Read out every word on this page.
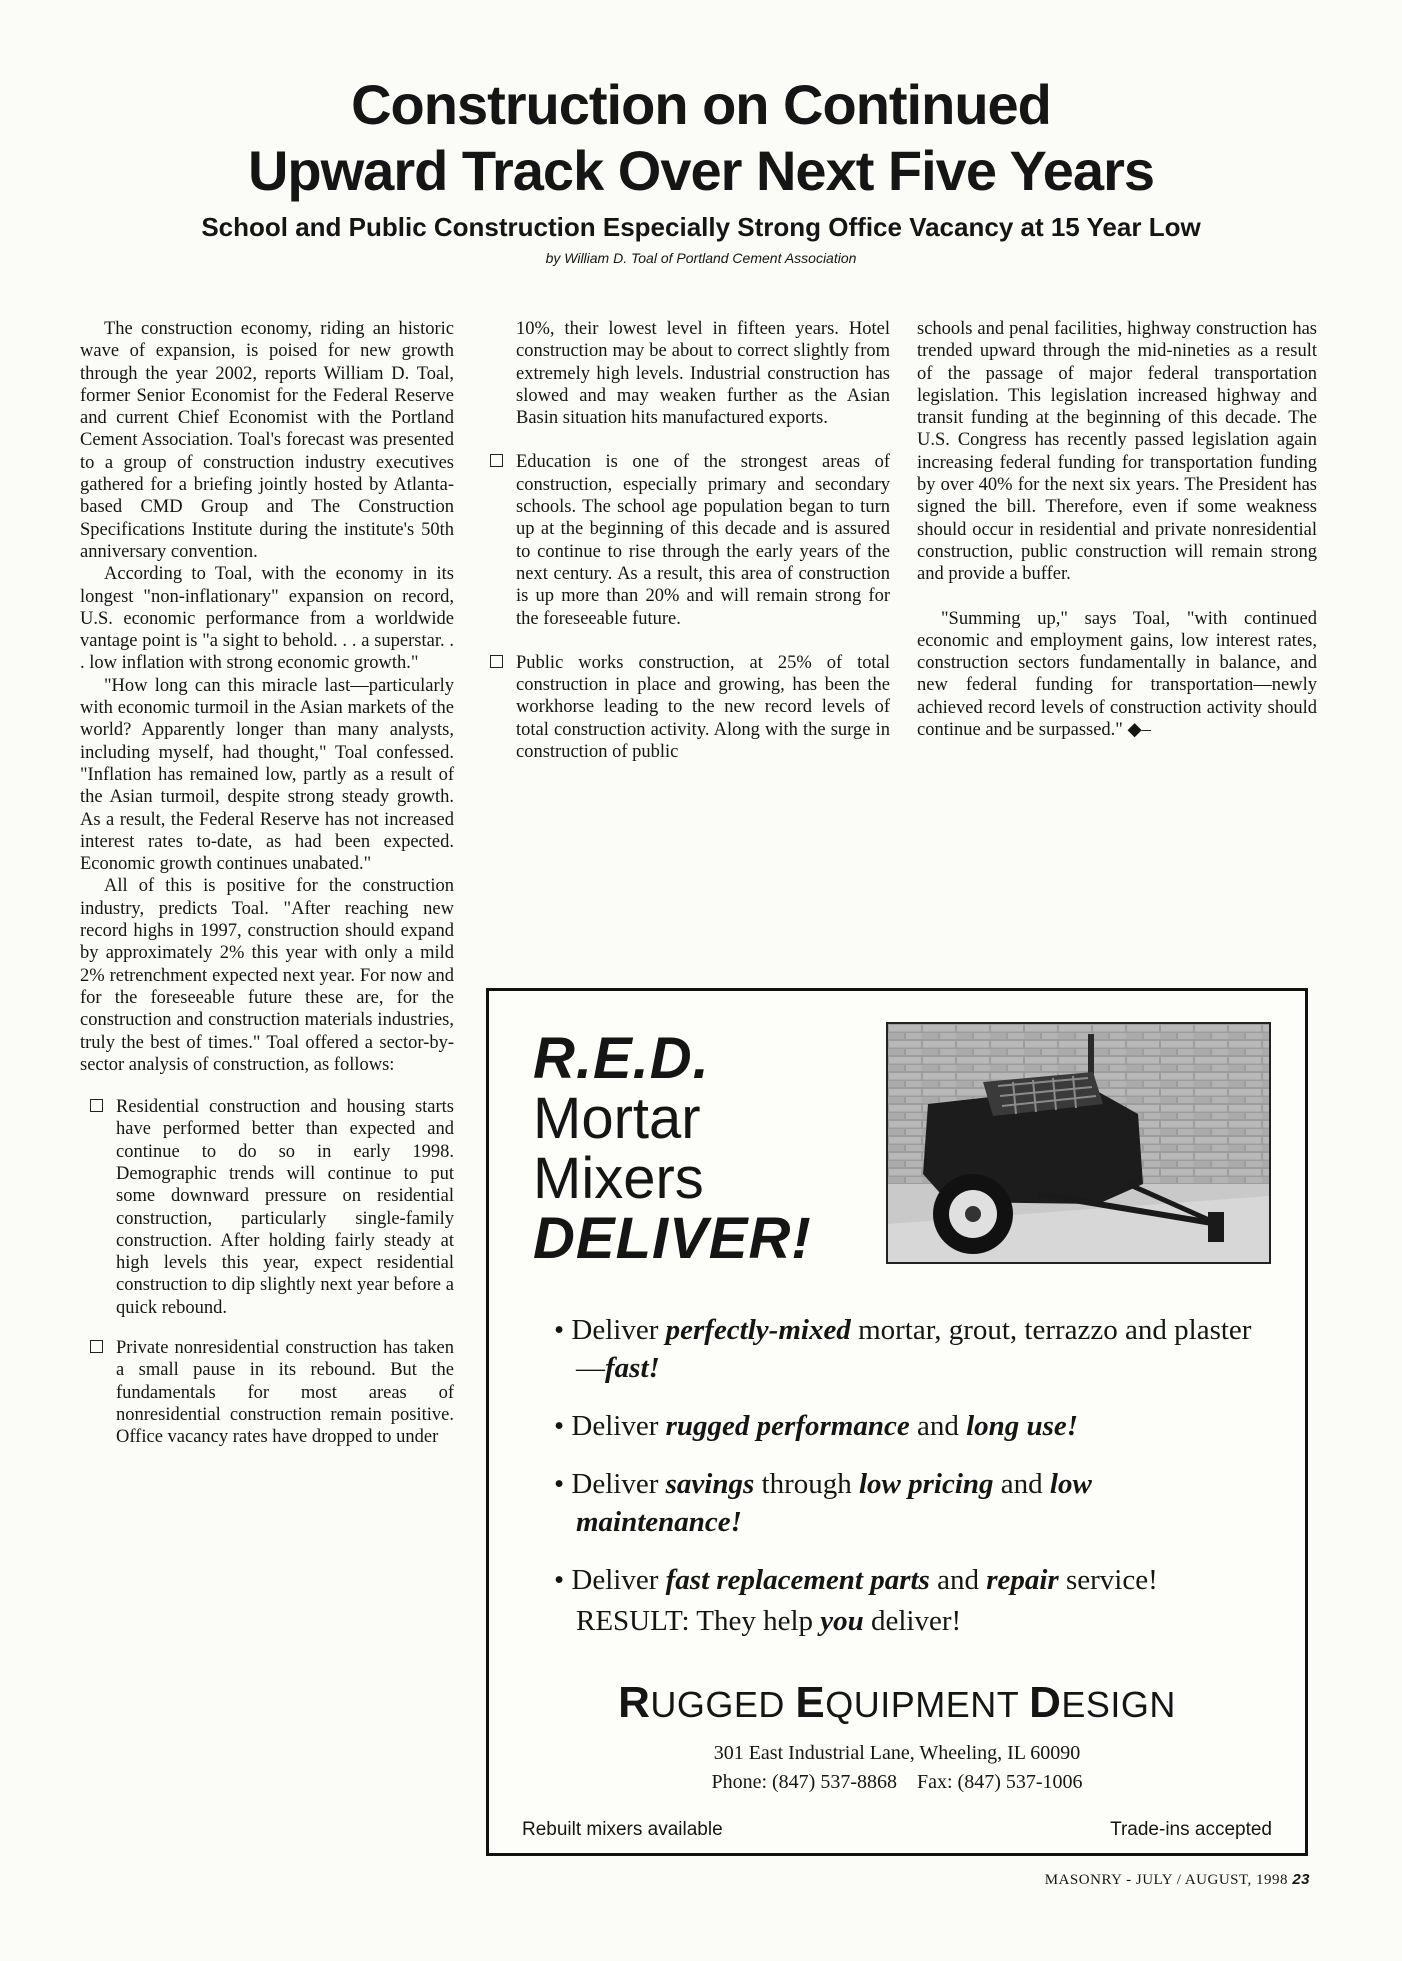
Construction on Continued
Upward Track Over Next Five Years
School and Public Construction Especially Strong Office Vacancy at 15 Year Low
by William D. Toal of Portland Cement Association

The construction economy, riding an historic wave of expansion, is poised for new growth through the year 2002, reports William D. Toal, former Senior Economist for the Federal Reserve and current Chief Economist with the Portland Cement Association. Toal's forecast was presented to a group of construction industry executives gathered for a briefing jointly hosted by Atlanta-based CMD Group and The Construction Specifications Institute during the institute's 50th anniversary convention.

According to Toal, with the economy in its longest "non-inflationary" expansion on record, U.S. economic performance from a worldwide vantage point is "a sight to behold. . . a superstar. . . low inflation with strong economic growth."

"How long can this miracle last—particularly with economic turmoil in the Asian markets of the world? Apparently longer than many analysts, including myself, had thought," Toal confessed. "Inflation has remained low, partly as a result of the Asian turmoil, despite strong steady growth. As a result, the Federal Reserve has not increased interest rates to-date, as had been expected. Economic growth continues unabated."

All of this is positive for the construction industry, predicts Toal. "After reaching new record highs in 1997, construction should expand by approximately 2% this year with only a mild 2% retrenchment expected next year. For now and for the foreseeable future these are, for the construction and construction materials industries, truly the best of times." Toal offered a sector-by-sector analysis of construction, as follows:

Residential construction and housing starts have performed better than expected and continue to do so in early 1998. Demographic trends will continue to put some downward pressure on residential construction, particularly single-family construction. After holding fairly steady at high levels this year, expect residential construction to dip slightly next year before a quick rebound.

Private nonresidential construction has taken a small pause in its rebound. But the fundamentals for most areas of nonresidential construction remain positive. Office vacancy rates have dropped to under

10%, their lowest level in fifteen years. Hotel construction may be about to correct slightly from extremely high levels. Industrial construction has slowed and may weaken further as the Asian Basin situation hits manufactured exports.

Education is one of the strongest areas of construction, especially primary and secondary schools. The school age population began to turn up at the beginning of this decade and is assured to continue to rise through the early years of the next century. As a result, this area of construction is up more than 20% and will remain strong for the foreseeable future.

Public works construction, at 25% of total construction in place and growing, has been the workhorse leading to the new record levels of total construction activity. Along with the surge in construction of public

schools and penal facilities, highway construction has trended upward through the mid-nineties as a result of the passage of major federal transportation legislation. This legislation increased highway and transit funding at the beginning of this decade. The U.S. Congress has recently passed legislation again increasing federal funding for transportation funding by over 40% for the next six years. The President has signed the bill. Therefore, even if some weakness should occur in residential and private nonresidential construction, public construction will remain strong and provide a buffer.

"Summing up," says Toal, "with continued economic and employment gains, low interest rates, construction sectors fundamentally in balance, and new federal funding for transportation—newly achieved record levels of construction activity should continue and be surpassed." ◆–

R.E.D.
Mortar
Mixers
DELIVER!
• Deliver perfectly-mixed mortar, grout, terrazzo and plaster—fast!
• Deliver rugged performance and long use!
• Deliver savings through low pricing and low maintenance!
• Deliver fast replacement parts and repair service!
RESULT: They help you deliver!
RUGGED EQUIPMENT DESIGN
301 East Industrial Lane, Wheeling, IL 60090
Phone: (847) 537-8868 Fax: (847) 537-1006
Rebuilt mixers available	Trade-ins accepted
MASONRY - JULY / AUGUST, 1998 23
